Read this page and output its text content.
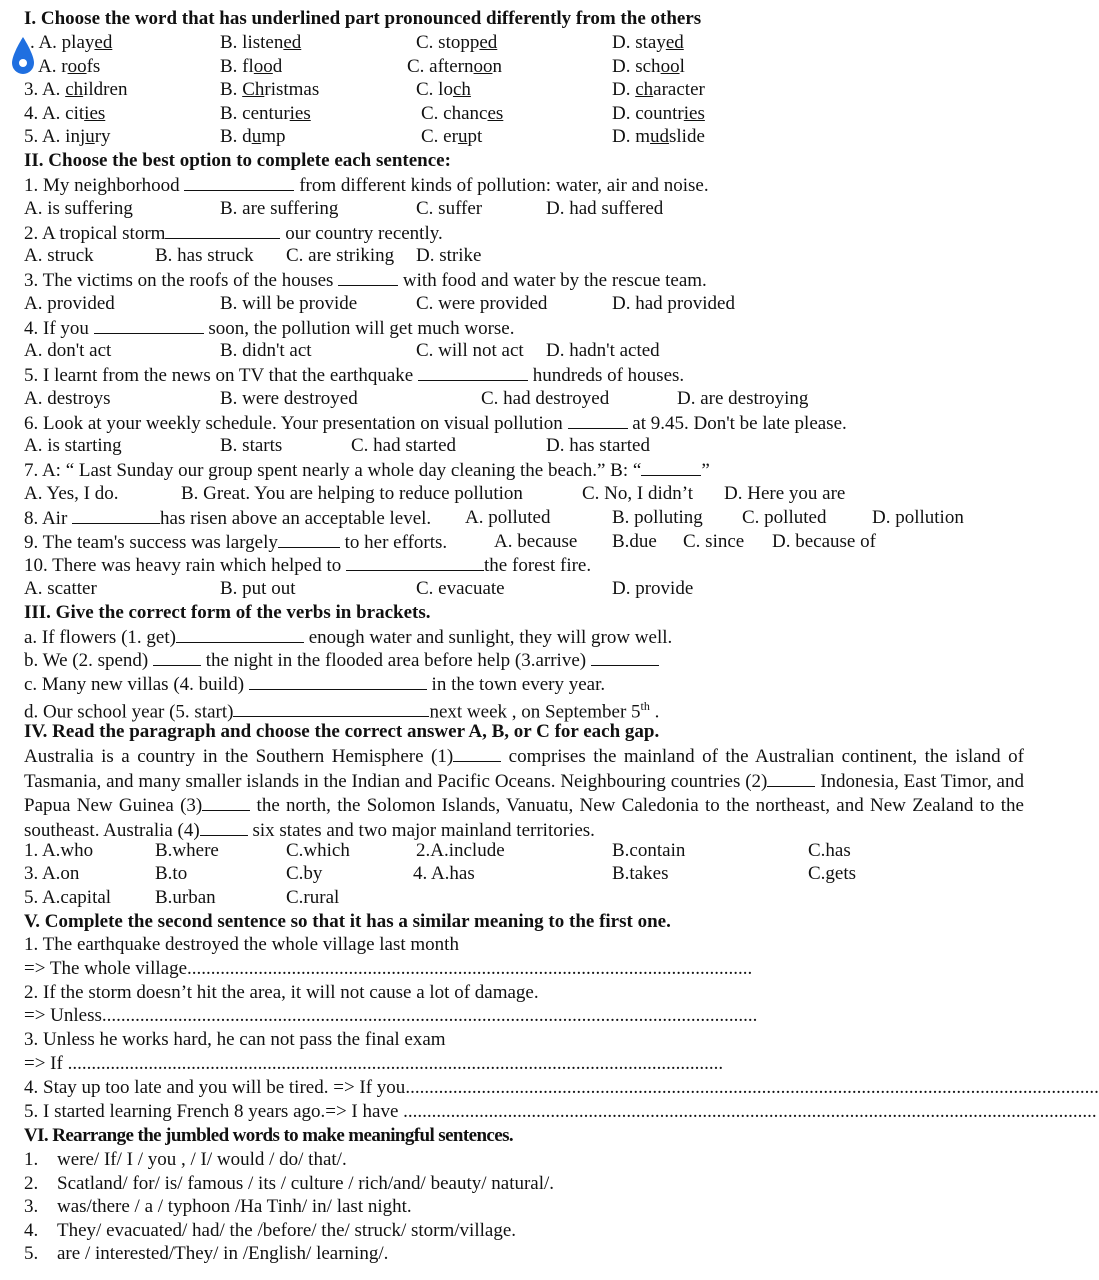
I. Choose the word that has underlined part pronounced differently from the others
. A. played	B. listened	C. stopped	D. stayed
A. roofs	B. flood	C. afternoon	D. school
3. A. children	B. Christmas	C. loch	D. character
4. A. cities	B. centuries	C. chances	D. countries
5. A. injury	B. dump	C. erupt	D. mudslide
II. Choose the best option to complete each sentence:
1. My neighborhood	from different kinds of pollution: water, air and noise.
A. is suffering	B. are suffering	C. suffer	D. had suffered
2. A tropical storm	our country recently.
A. struck	B. has struck C. are striking D. strike
3. The victims on the roofs of the houses	with food and water by the rescue team.
A. provided	B. will be provide	C. were provided	D. had provided
4. If you	soon, the pollution will get much worse.
A. don't act	B. didn't act	C. will not act D. hadn't acted
5. I learnt from the news on TV that the earthquake	hundreds of houses.
A. destroys	B. were destroyed	C. had destroyed	D. are destroying
6. Look at your weekly schedule. Your presentation on visual pollution	at 9.45. Don't be late please.
A. is starting	B. starts	C. had started	D. has started
7. A: “ Last Sunday our group spent nearly a whole day cleaning the beach.” B: “	”
A. Yes, I do.	B. Great. You are helping to reduce pollution	C. No, I didn’t D. Here you are
8. Air	has risen above an acceptable level. A. polluted	B. polluting C. polluted D. pollution
9. The team's success was largely	to her efforts. A. because B.due C. since D. because of
10. There was heavy rain which helped to	the forest fire.
A. scatter	B. put out	C. evacuate	D. provide
III. Give the correct form of the verbs in brackets.
a. If flowers (1. get)	enough water and sunlight, they will grow well.
b. We (2. spend)	the night in the flooded area before help (3.arrive)
c. Many new villas (4. build)	in the town every year.
d. Our school year (5. start)	next week , on September 5th .
IV. Read the paragraph and choose the correct answer A, B, or C for each gap.
Australia is a country in the Southern Hemisphere (1)	comprises the mainland of the Australian continent, the island of Tasmania, and many smaller islands in the Indian and Pacific Oceans. Neighbouring countries (2)	Indonesia, East Timor, and Papua New Guinea (3)	the north, the Solomon Islands, Vanuatu, New Caledonia to the northeast, and New Zealand to the southeast. Australia (4)	six states and two major mainland territories.
1. A.who	B.where	C.which	2.A.include	B.contain	C.has
3. A.on	B.to	C.by	4. A.has	B.takes	C.gets
5. A.capital B.urban	C.rural
V. Complete the second sentence so that it has a similar meaning to the first one.
1. The earthquake destroyed the whole village last month
=> The whole village.......................................................................................................................
2. If the storm doesn’t hit the area, it will not cause a lot of damage.
=> Unless..........................................................................................................................................
3. Unless he works hard, he can not pass the final exam
=> If ..........................................................................................................................................
4. Stay up too late and you will be tired. => If you..................................................................................................................................................
5. I started learning French 8 years ago.=> I have ..................................................................................................................................................
VI. Rearrange the jumbled words to make meaningful sentences.
1. were/ If/ I / you , / I/ would / do/ that/.
2. Scatland/ for/ is/ famous / its / culture / rich/and/ beauty/ natural/.
3. was/there / a / typhoon /Ha Tinh/ in/ last night.
4. They/ evacuated/ had/ the /before/ the/ struck/ storm/village.
5. are / interested/They/ in /English/ learning/.
